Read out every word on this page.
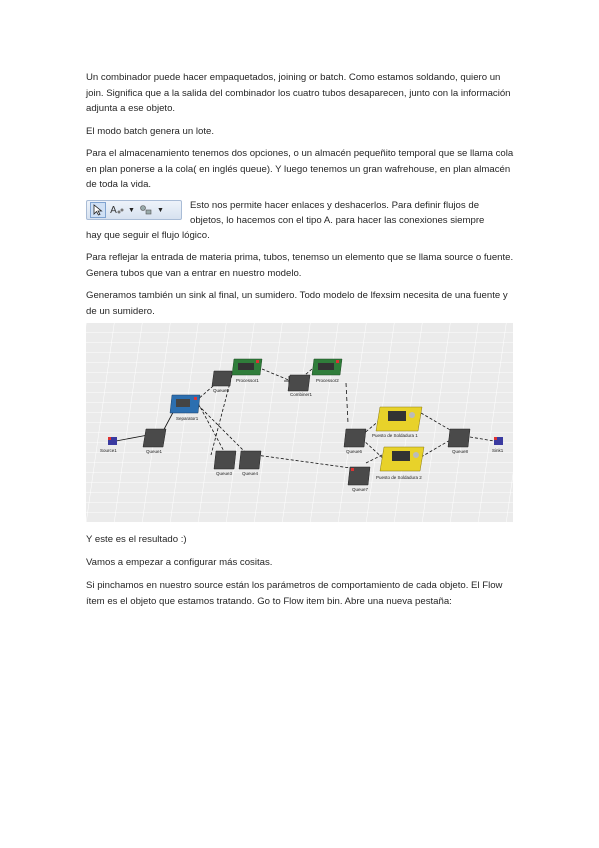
Un combinador puede hacer empaquetados, joining or batch. Como estamos soldando, quiero un join. Significa que a la salida del combinador los cuatro tubos desaparecen, junto con la información adjunta a ese objeto.

El modo batch genera un lote.

Para el almacenamiento tenemos dos opciones, o un almacén pequeñito temporal que se llama cola en plan ponerse a la cola( en inglés queue). Y luego tenemos un gran wafrehouse, en plan almacén de toda la vida.

A ▼	▼	Esto nos permite hacer enlaces y deshacerlos. Para definir flujos de

objetos, lo hacemos con el tipo A. para hacer las conexiones siempre

hay que seguir el flujo lógico.

Para reflejar la entrada de materia prima, tubos, tenemso un elemento que se llama source o fuente. Genera tubos que van a entrar en nuestro modelo.

Generamos también un sink al final, un sumidero. Todo modelo de lfexsim necesita de una fuente y de un sumidero.

Source1	Queue1
Separator1
Queue3 Queue4
Queue5
Processor1	Processor2
Combiner1
Queue6
Queue7
Puesto de Soldadura 1
Puesto de Soldadura 2
Queue8	Sink1

Y este es el resultado :)

Vamos a empezar a configurar más cositas.

Si pinchamos en nuestro source están los parámetros de comportamiento de cada objeto. El Flow ítem es el objeto que estamos tratando. Go to Flow item bin. Abre una nueva pestaña:
